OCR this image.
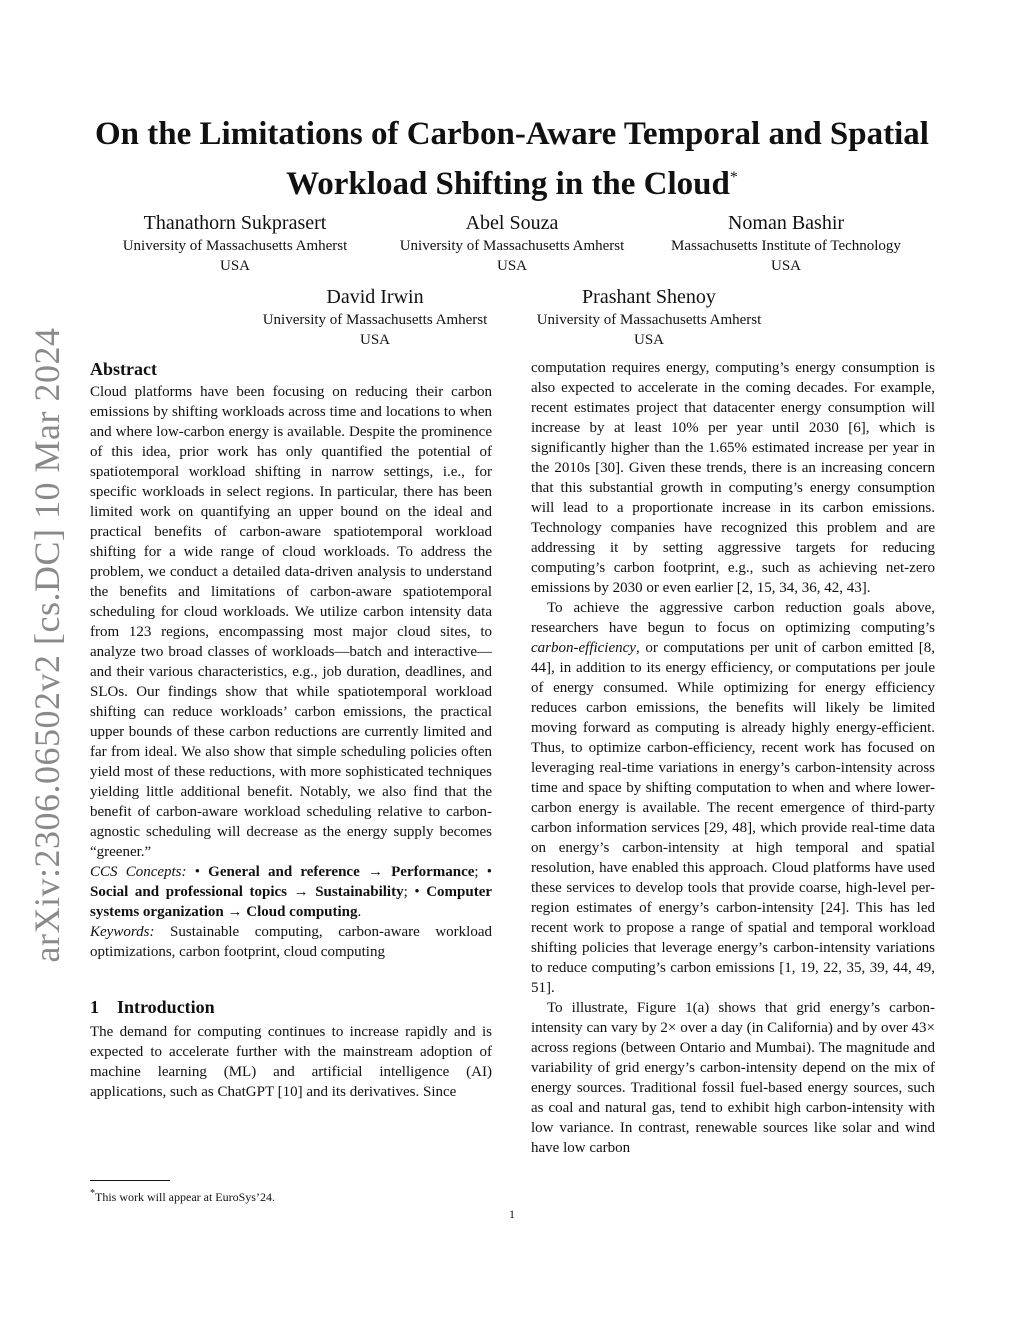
arXiv:2306.06502v2 [cs.DC] 10 Mar 2024
On the Limitations of Carbon-Aware Temporal and Spatial Workload Shifting in the Cloud*
Thanathorn Sukprasert
University of Massachusetts Amherst
USA
Abel Souza
University of Massachusetts Amherst
USA
Noman Bashir
Massachusetts Institute of Technology
USA
David Irwin
University of Massachusetts Amherst
USA
Prashant Shenoy
University of Massachusetts Amherst
USA
Abstract

Cloud platforms have been focusing on reducing their carbon emissions by shifting workloads across time and locations to when and where low-carbon energy is available. Despite the prominence of this idea, prior work has only quantified the potential of spatiotemporal workload shifting in narrow settings, i.e., for specific workloads in select regions. In particular, there has been limited work on quantifying an upper bound on the ideal and practical benefits of carbon-aware spatiotemporal workload shifting for a wide range of cloud workloads. To address the problem, we conduct a detailed data-driven analysis to understand the benefits and limitations of carbon-aware spatiotemporal scheduling for cloud workloads. We utilize carbon intensity data from 123 regions, encompassing most major cloud sites, to analyze two broad classes of workloads—batch and interactive—and their various characteristics, e.g., job duration, deadlines, and SLOs. Our findings show that while spatiotemporal workload shifting can reduce workloads’ carbon emissions, the practical upper bounds of these carbon reductions are currently limited and far from ideal. We also show that simple scheduling policies often yield most of these reductions, with more sophisticated techniques yielding little additional benefit. Notably, we also find that the benefit of carbon-aware workload scheduling relative to carbon-agnostic scheduling will decrease as the energy supply becomes “greener.”

CCS Concepts: • General and reference → Performance; • Social and professional topics → Sustainability; • Computer systems organization → Cloud computing.

Keywords: Sustainable computing, carbon-aware workload optimizations, carbon footprint, cloud computing

1 Introduction

The demand for computing continues to increase rapidly and is expected to accelerate further with the mainstream adoption of machine learning (ML) and artificial intelligence (AI) applications, such as ChatGPT [10] and its derivatives. Since

computation requires energy, computing’s energy consumption is also expected to accelerate in the coming decades. For example, recent estimates project that datacenter energy consumption will increase by at least 10% per year until 2030 [6], which is significantly higher than the 1.65% estimated increase per year in the 2010s [30]. Given these trends, there is an increasing concern that this substantial growth in computing’s energy consumption will lead to a proportionate increase in its carbon emissions. Technology companies have recognized this problem and are addressing it by setting aggressive targets for reducing computing’s carbon footprint, e.g., such as achieving net-zero emissions by 2030 or even earlier [2, 15, 34, 36, 42, 43].

To achieve the aggressive carbon reduction goals above, researchers have begun to focus on optimizing computing’s carbon-efficiency, or computations per unit of carbon emitted [8, 44], in addition to its energy efficiency, or computations per joule of energy consumed. While optimizing for energy efficiency reduces carbon emissions, the benefits will likely be limited moving forward as computing is already highly energy-efficient. Thus, to optimize carbon-efficiency, recent work has focused on leveraging real-time variations in energy’s carbon-intensity across time and space by shifting computation to when and where lower-carbon energy is available. The recent emergence of third-party carbon information services [29, 48], which provide real-time data on energy’s carbon-intensity at high temporal and spatial resolution, have enabled this approach. Cloud platforms have used these services to develop tools that provide coarse, high-level per-region estimates of energy’s carbon-intensity [24]. This has led recent work to propose a range of spatial and temporal workload shifting policies that leverage energy’s carbon-intensity variations to reduce computing’s carbon emissions [1, 19, 22, 35, 39, 44, 49, 51].

To illustrate, Figure 1(a) shows that grid energy’s carbon-intensity can vary by 2× over a day (in California) and by over 43× across regions (between Ontario and Mumbai). The magnitude and variability of grid energy’s carbon-intensity depend on the mix of energy sources. Traditional fossil fuel-based energy sources, such as coal and natural gas, tend to exhibit high carbon-intensity with low variance. In contrast, renewable sources like solar and wind have low carbon

*This work will appear at EuroSys’24.
1
